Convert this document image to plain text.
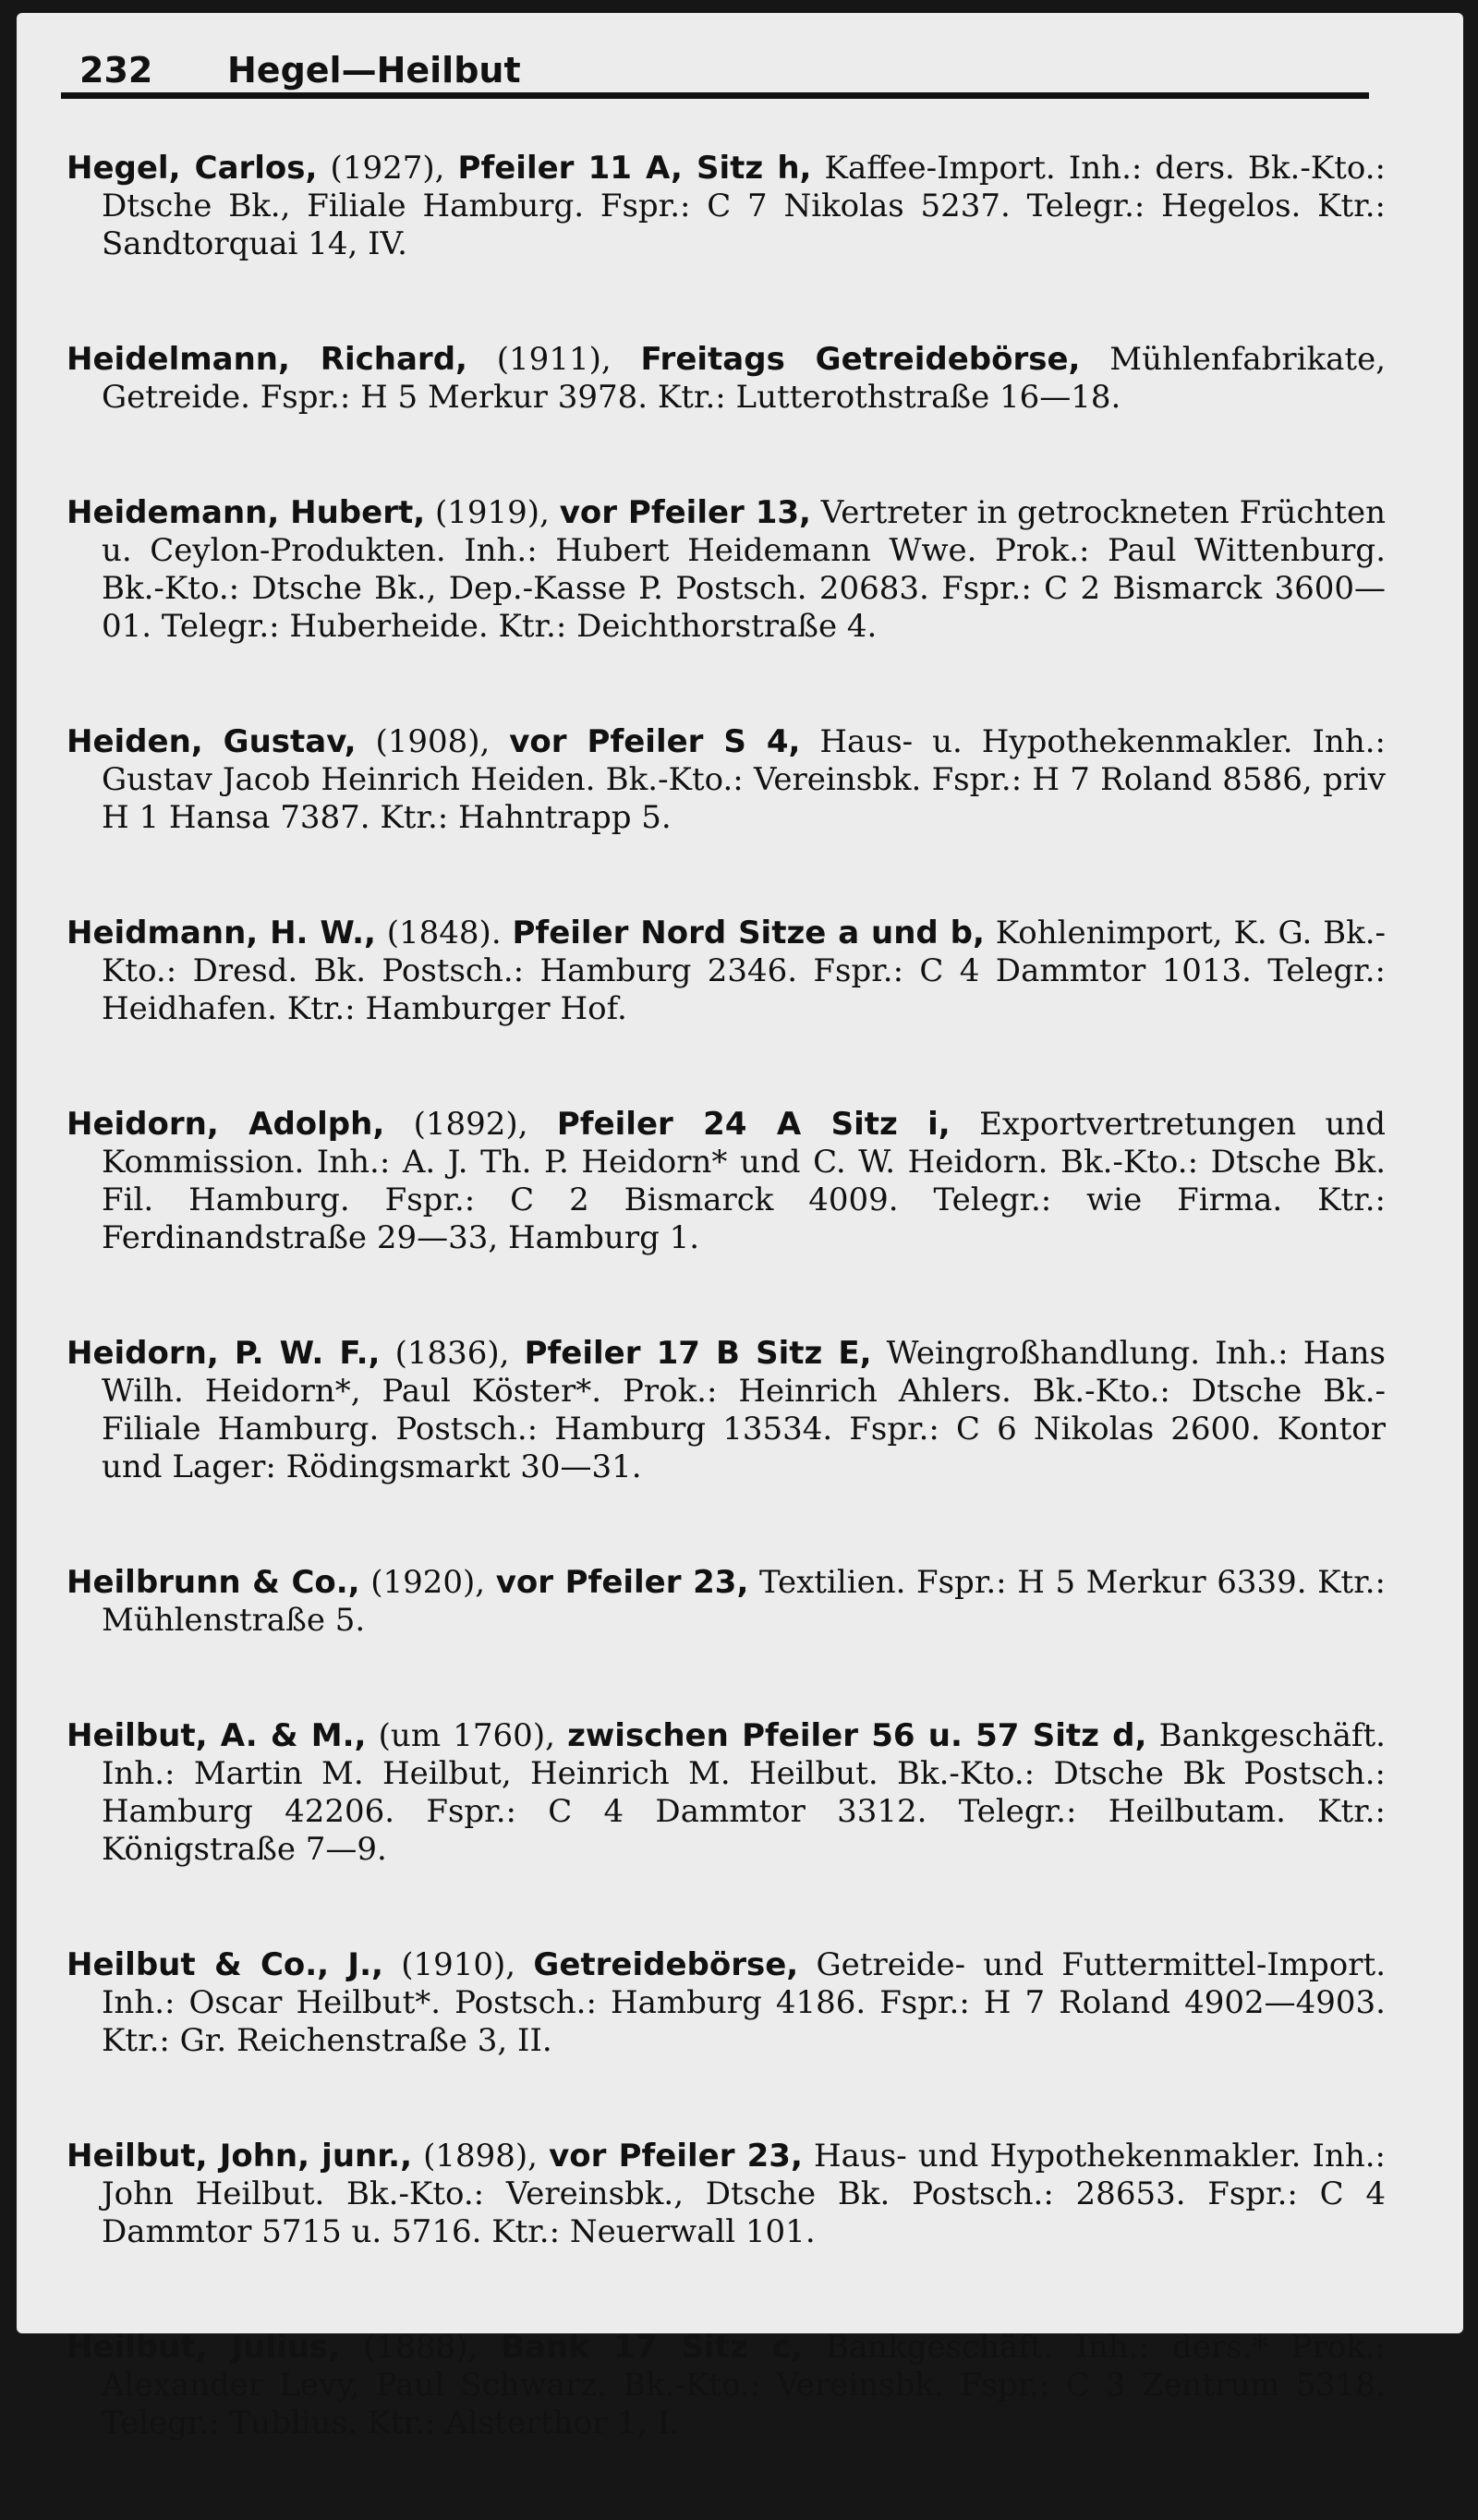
232 Hegel—Heilbut

Hegel, Carlos, (1927), Pfeiler 11 A, Sitz h, Kaffee-Import. Inh.: ders. Bk.-Kto.: Dtsche Bk., Filiale Hamburg. Fspr.: C 7 Nikolas 5237. Telegr.: Hegelos. Ktr.: Sandtorquai 14, IV.

Heidelmann, Richard, (1911), Freitags Getreidebörse, Mühlenfabrikate, Getreide. Fspr.: H 5 Merkur 3978. Ktr.: Lutterothstraße 16—18.

Heidemann, Hubert, (1919), vor Pfeiler 13, Vertreter in getrockneten Früchten u. Ceylon-Produkten. Inh.: Hubert Heidemann Wwe. Prok.: Paul Wittenburg. Bk.-Kto.: Dtsche Bk., Dep.-Kasse P. Postsch. 20683. Fspr.: C 2 Bismarck 3600—01. Telegr.: Huberheide. Ktr.: Deichthorstraße 4.

Heiden, Gustav, (1908), vor Pfeiler S 4, Haus- u. Hypothekenmakler. Inh.: Gustav Jacob Heinrich Heiden. Bk.-Kto.: Vereinsbk. Fspr.: H 7 Roland 8586, priv H 1 Hansa 7387. Ktr.: Hahntrapp 5.

Heidmann, H. W., (1848). Pfeiler Nord Sitze a und b, Kohlenimport, K. G. Bk.-Kto.: Dresd. Bk. Postsch.: Hamburg 2346. Fspr.: C 4 Dammtor 1013. Telegr.: Heidhafen. Ktr.: Hamburger Hof.

Heidorn, Adolph, (1892), Pfeiler 24 A Sitz i, Exportvertretungen und Kommission. Inh.: A. J. Th. P. Heidorn* und C. W. Heidorn. Bk.-Kto.: Dtsche Bk. Fil. Hamburg. Fspr.: C 2 Bismarck 4009. Telegr.: wie Firma. Ktr.: Ferdinandstraße 29—33, Hamburg 1.

Heidorn, P. W. F., (1836), Pfeiler 17 B Sitz E, Weingroßhandlung. Inh.: Hans Wilh. Heidorn*, Paul Köster*. Prok.: Heinrich Ahlers. Bk.-Kto.: Dtsche Bk.- Filiale Hamburg. Postsch.: Hamburg 13534. Fspr.: C 6 Nikolas 2600. Kontor und Lager: Rödingsmarkt 30—31.

Heilbrunn & Co., (1920), vor Pfeiler 23, Textilien. Fspr.: H 5 Merkur 6339. Ktr.: Mühlenstraße 5.

Heilbut, A. & M., (um 1760), zwischen Pfeiler 56 u. 57 Sitz d, Bankgeschäft. Inh.: Martin M. Heilbut, Heinrich M. Heilbut. Bk.-Kto.: Dtsche Bk Postsch.: Hamburg 42206. Fspr.: C 4 Dammtor 3312. Telegr.: Heilbutam. Ktr.: Königstraße 7—9.

Heilbut & Co., J., (1910), Getreidebörse, Getreide- und Futtermittel-Import. Inh.: Oscar Heilbut*. Postsch.: Hamburg 4186. Fspr.: H 7 Roland 4902—4903. Ktr.: Gr. Reichenstraße 3, II.

Heilbut, John, junr., (1898), vor Pfeiler 23, Haus- und Hypothekenmakler. Inh.: John Heilbut. Bk.-Kto.: Vereinsbk., Dtsche Bk. Postsch.: 28653. Fspr.: C 4 Dammtor 5715 u. 5716. Ktr.: Neuerwall 101.

Heilbut, Julius, (1888), Bank 17 Sitz c, Bankgeschäft. Inh.: ders.* Prok.: Alexander Levy, Paul Schwarz. Bk.-Kto.: Vereinsbk. Fspr.: C 3 Zentrum 5318. Telegr.: Tublius. Ktr.: Alsterthor 1, I.
